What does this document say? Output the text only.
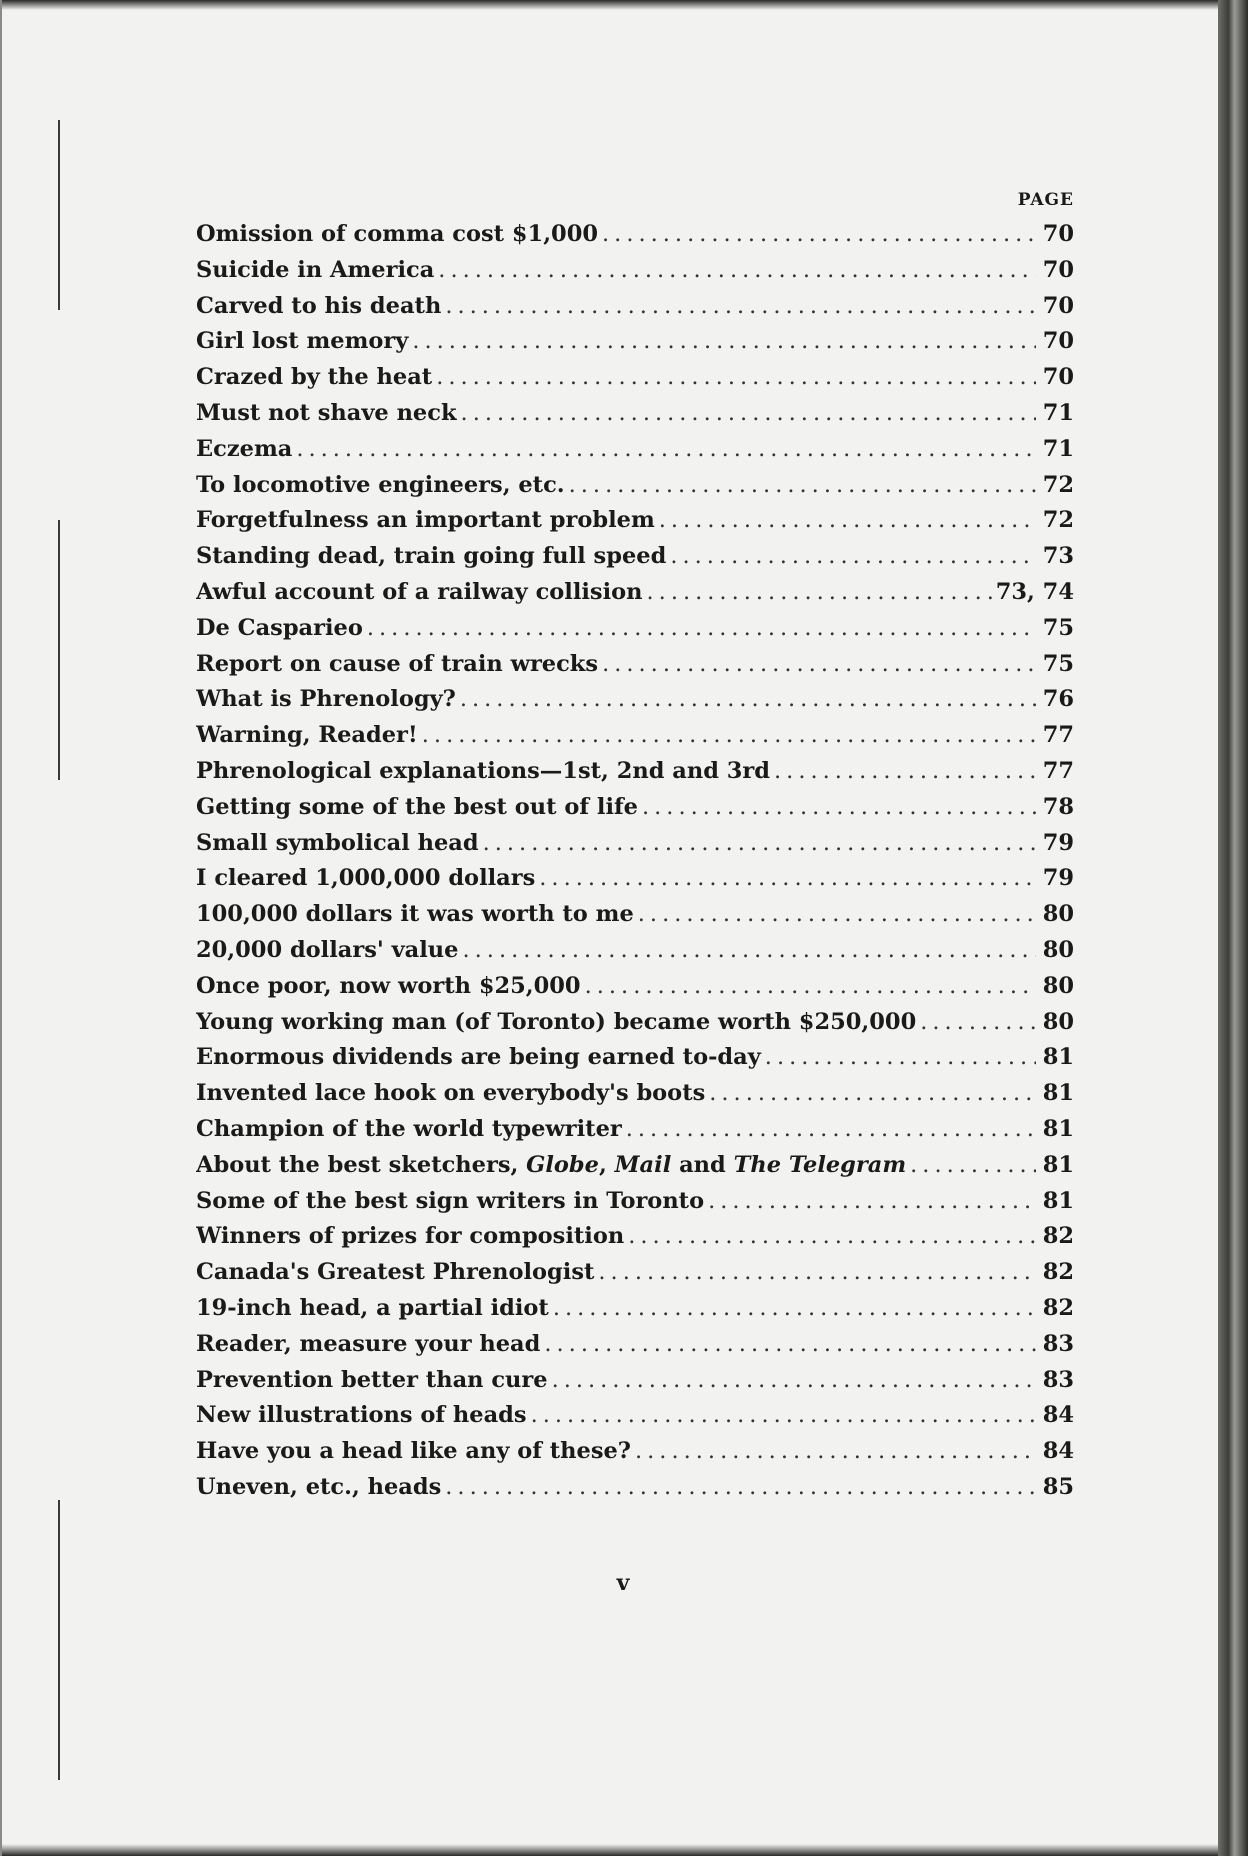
PAGE
Omission of comma cost $1,000 .....	70
Suicide in America .....	70
Carved to his death .....	70
Girl lost memory .....	70
Crazed by the heat .....	70
Must not shave neck .....	71
Eczema .....	71
To locomotive engineers, etc. .....	72
Forgetfulness an important problem .....	72
Standing dead, train going full speed .....	73
Awful account of a railway collision .....	73, 74
De Casparieo .....	75
Report on cause of train wrecks .....	75
What is Phrenology? .....	76
Warning, Reader! .....	77
Phrenological explanations—1st, 2nd and 3rd .....	77
Getting some of the best out of life .....	78
Small symbolical head .....	79
I cleared 1,000,000 dollars .....	79
100,000 dollars it was worth to me .....	80
20,000 dollars' value .....	80
Once poor, now worth $25,000 .....	80
Young working man (of Toronto) became worth $250,000 .....	80
Enormous dividends are being earned to-day .....	81
Invented lace hook on everybody's boots .....	81
Champion of the world typewriter .....	81
About the best sketchers, Globe, Mail and The Telegram .....	81
Some of the best sign writers in Toronto .....	81
Winners of prizes for composition .....	82
Canada's Greatest Phrenologist .....	82
19-inch head, a partial idiot .....	82
Reader, measure your head .....	83
Prevention better than cure .....	83
New illustrations of heads .....	84
Have you a head like any of these? .....	84
Uneven, etc., heads .....	85
v
